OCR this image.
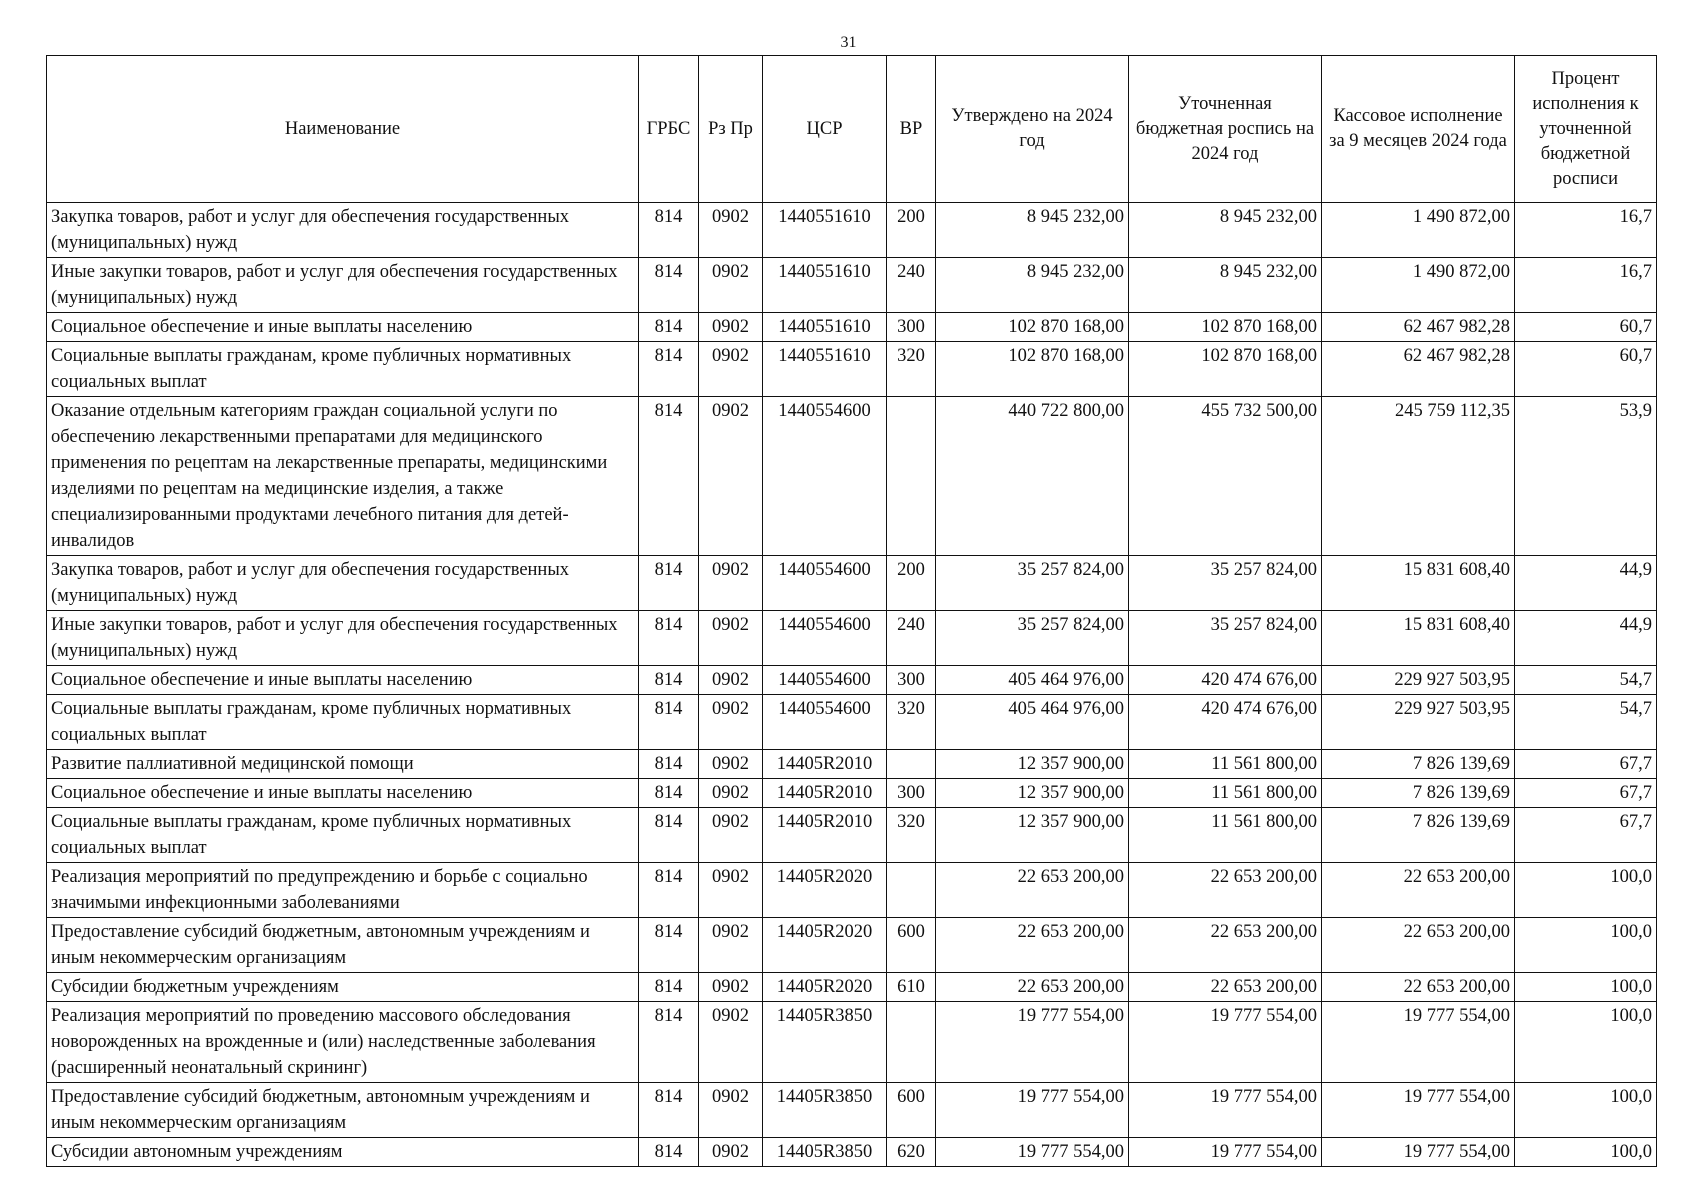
31
Наименование	ГРБС	Рз Пр	ЦСР	ВР	Утверждено на 2024 год	Уточненная бюджетная роспись на 2024 год	Кассовое исполнение за 9 месяцев 2024 года	Процент исполнения к уточненной бюджетной росписи
Закупка товаров, работ и услуг для обеспечения государственных (муниципальных) нужд	814	0902	1440551610	200	8 945 232,00	8 945 232,00	1 490 872,00	16,7
Иные закупки товаров, работ и услуг для обеспечения государственных (муниципальных) нужд	814	0902	1440551610	240	8 945 232,00	8 945 232,00	1 490 872,00	16,7
Социальное обеспечение и иные выплаты населению	814	0902	1440551610	300	102 870 168,00	102 870 168,00	62 467 982,28	60,7
Социальные выплаты гражданам, кроме публичных нормативных социальных выплат	814	0902	1440551610	320	102 870 168,00	102 870 168,00	62 467 982,28	60,7
Оказание отдельным категориям граждан социальной услуги по обеспечению лекарственными препаратами для медицинского применения по рецептам на лекарственные препараты, медицинскими изделиями по рецептам на медицинские изделия, а также специализированными продуктами лечебного питания для детей-инвалидов	814	0902	1440554600		440 722 800,00	455 732 500,00	245 759 112,35	53,9
Закупка товаров, работ и услуг для обеспечения государственных (муниципальных) нужд	814	0902	1440554600	200	35 257 824,00	35 257 824,00	15 831 608,40	44,9
Иные закупки товаров, работ и услуг для обеспечения государственных (муниципальных) нужд	814	0902	1440554600	240	35 257 824,00	35 257 824,00	15 831 608,40	44,9
Социальное обеспечение и иные выплаты населению	814	0902	1440554600	300	405 464 976,00	420 474 676,00	229 927 503,95	54,7
Социальные выплаты гражданам, кроме публичных нормативных социальных выплат	814	0902	1440554600	320	405 464 976,00	420 474 676,00	229 927 503,95	54,7
Развитие паллиативной медицинской помощи	814	0902	14405R2010		12 357 900,00	11 561 800,00	7 826 139,69	67,7
Социальное обеспечение и иные выплаты населению	814	0902	14405R2010	300	12 357 900,00	11 561 800,00	7 826 139,69	67,7
Социальные выплаты гражданам, кроме публичных нормативных социальных выплат	814	0902	14405R2010	320	12 357 900,00	11 561 800,00	7 826 139,69	67,7
Реализация мероприятий по предупреждению и борьбе с социально значимыми инфекционными заболеваниями	814	0902	14405R2020		22 653 200,00	22 653 200,00	22 653 200,00	100,0
Предоставление субсидий бюджетным, автономным учреждениям и иным некоммерческим организациям	814	0902	14405R2020	600	22 653 200,00	22 653 200,00	22 653 200,00	100,0
Субсидии бюджетным учреждениям	814	0902	14405R2020	610	22 653 200,00	22 653 200,00	22 653 200,00	100,0
Реализация мероприятий по проведению массового обследования новорожденных на врожденные и (или) наследственные заболевания (расширенный неонатальный скрининг)	814	0902	14405R3850		19 777 554,00	19 777 554,00	19 777 554,00	100,0
Предоставление субсидий бюджетным, автономным учреждениям и иным некоммерческим организациям	814	0902	14405R3850	600	19 777 554,00	19 777 554,00	19 777 554,00	100,0
Субсидии автономным учреждениям	814	0902	14405R3850	620	19 777 554,00	19 777 554,00	19 777 554,00	100,0
